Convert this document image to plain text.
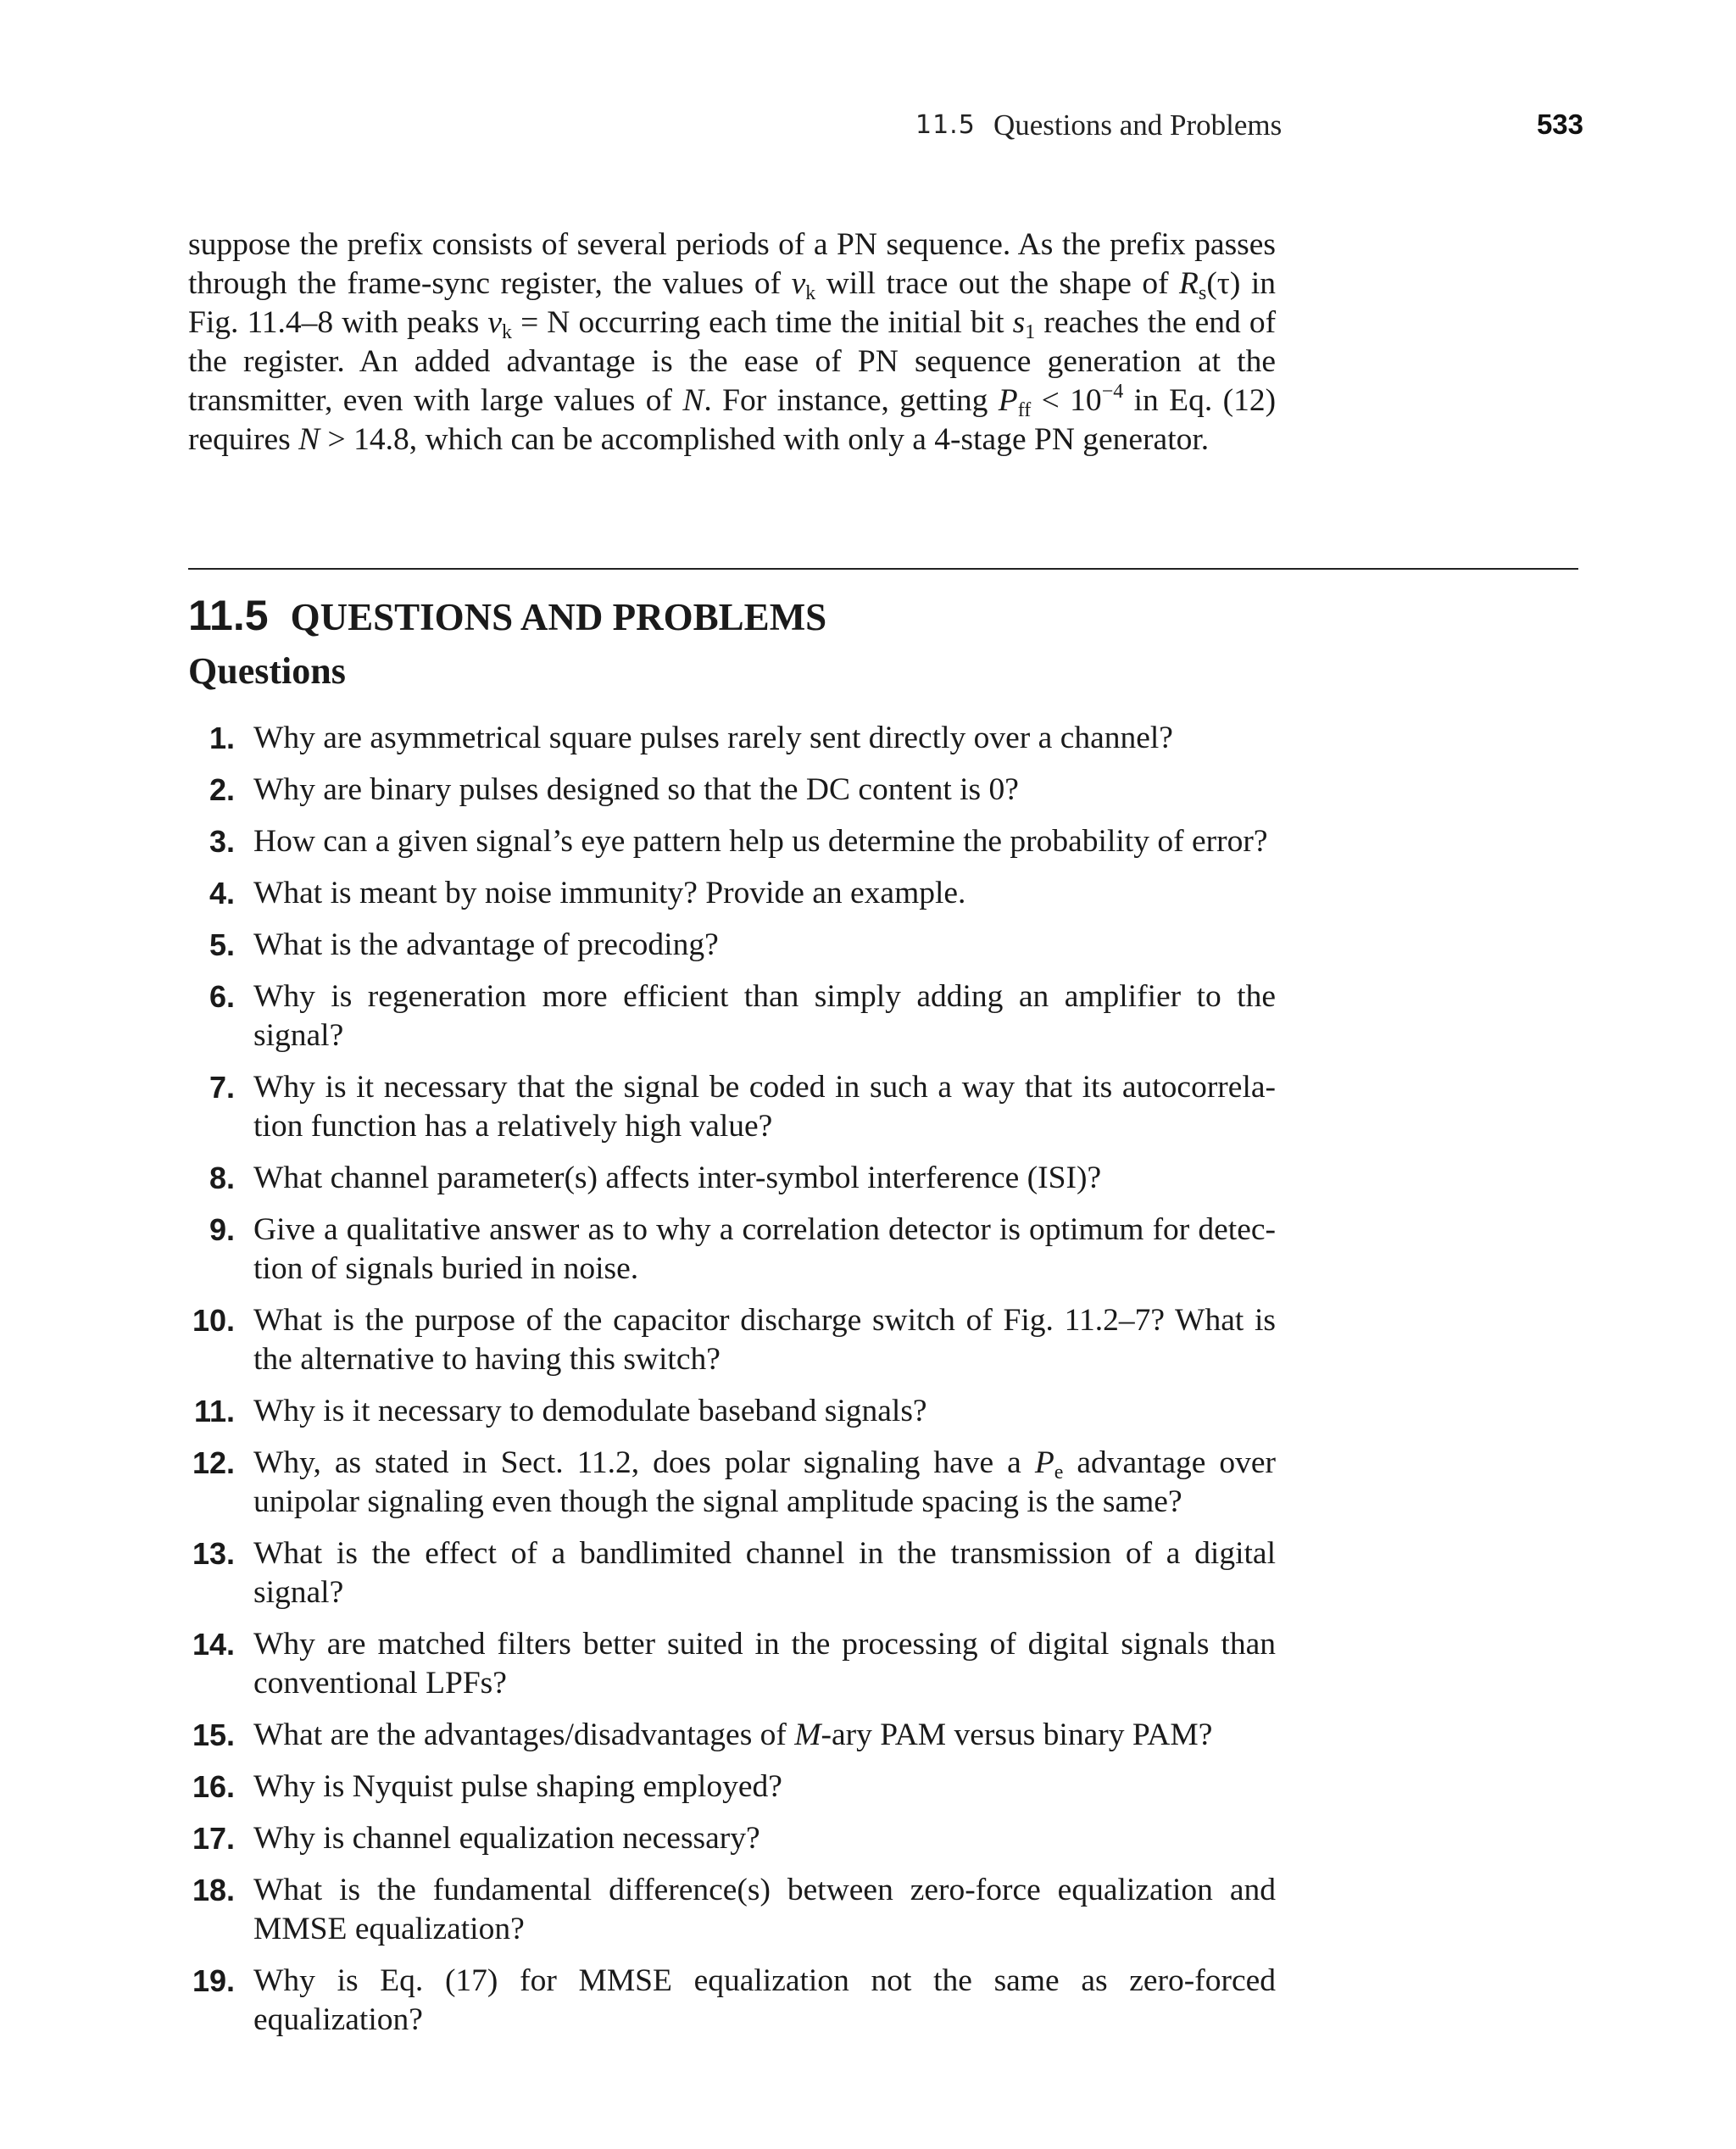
11.5 Questions and Problems	533

suppose the prefix consists of several periods of a PN sequence. As the prefix passes through the frame-sync register, the values of $v_k$ will trace out the shape of $R_s(\tau)$ in Fig. 11.4–8 with peaks $v_k = N$ occurring each time the initial bit $s_1$ reaches the end of the register. An added advantage is the ease of PN sequence generation at the transmitter, even with large values of N. For instance, getting $P_{ff} < 10^{-4}$ in Eq. (12) requires N > 14.8, which can be accomplished with only a 4-stage PN generator.

11.5 QUESTIONS AND PROBLEMS
Questions
1. Why are asymmetrical square pulses rarely sent directly over a channel?
2. Why are binary pulses designed so that the DC content is 0?
3. How can a given signal’s eye pattern help us determine the probability of error?
4. What is meant by noise immunity? Provide an example.
5. What is the advantage of precoding?
6. Why is regeneration more efficient than simply adding an amplifier to the signal?
7. Why is it necessary that the signal be coded in such a way that its autocorrela-tion function has a relatively high value?
8. What channel parameter(s) affects inter-symbol interference (ISI)?
9. Give a qualitative answer as to why a correlation detector is optimum for detec-tion of signals buried in noise.
10. What is the purpose of the capacitor discharge switch of Fig. 11.2–7? What is the alternative to having this switch?
11. Why is it necessary to demodulate baseband signals?
12. Why, as stated in Sect. 11.2, does polar signaling have a $P_e$ advantage over unipolar signaling even though the signal amplitude spacing is the same?
13. What is the effect of a bandlimited channel in the transmission of a digital signal?
14. Why are matched filters better suited in the processing of digital signals than conventional LPFs?
15. What are the advantages/disadvantages of M-ary PAM versus binary PAM?
16. Why is Nyquist pulse shaping employed?
17. Why is channel equalization necessary?
18. What is the fundamental difference(s) between zero-force equalization and MMSE equalization?
19. Why is Eq. (17) for MMSE equalization not the same as zero-forced equalization?
